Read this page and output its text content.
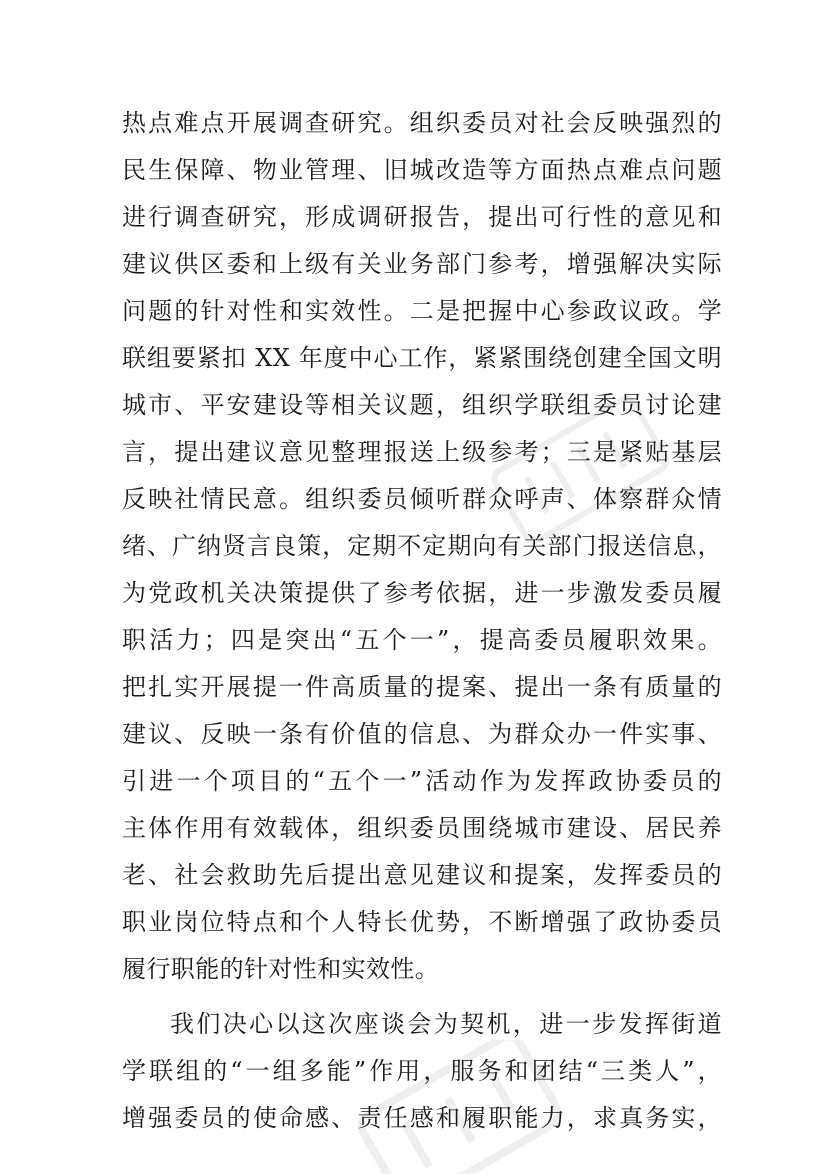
热点难点开展调查研究。组织委员对社会反映强烈的
民生保障、物业管理、旧城改造等方面热点难点问题
进行调查研究，形成调研报告，提出可行性的意见和
建议供区委和上级有关业务部门参考，增强解决实际
问题的针对性和实效性。二是把握中心参政议政。学
联组要紧扣 XX 年度中心工作，紧紧围绕创建全国文明
城市、平安建设等相关议题，组织学联组委员讨论建
言，提出建议意见整理报送上级参考；三是紧贴基层
反映社情民意。组织委员倾听群众呼声、体察群众情
绪、广纳贤言良策，定期不定期向有关部门报送信息，
为党政机关决策提供了参考依据，进一步激发委员履
职活力；四是突出“五个一”，提高委员履职效果。
把扎实开展提一件高质量的提案、提出一条有质量的
建议、反映一条有价值的信息、为群众办一件实事、
引进一个项目的“五个一”活动作为发挥政协委员的
主体作用有效载体，组织委员围绕城市建设、居民养
老、社会救助先后提出意见建议和提案，发挥委员的
职业岗位特点和个人特长优势，不断增强了政协委员
履行职能的针对性和实效性。
我们决心以这次座谈会为契机，进一步发挥街道
学联组的“一组多能”作用，服务和团结“三类人”，
增强委员的使命感、责任感和履职能力，求真务实，
